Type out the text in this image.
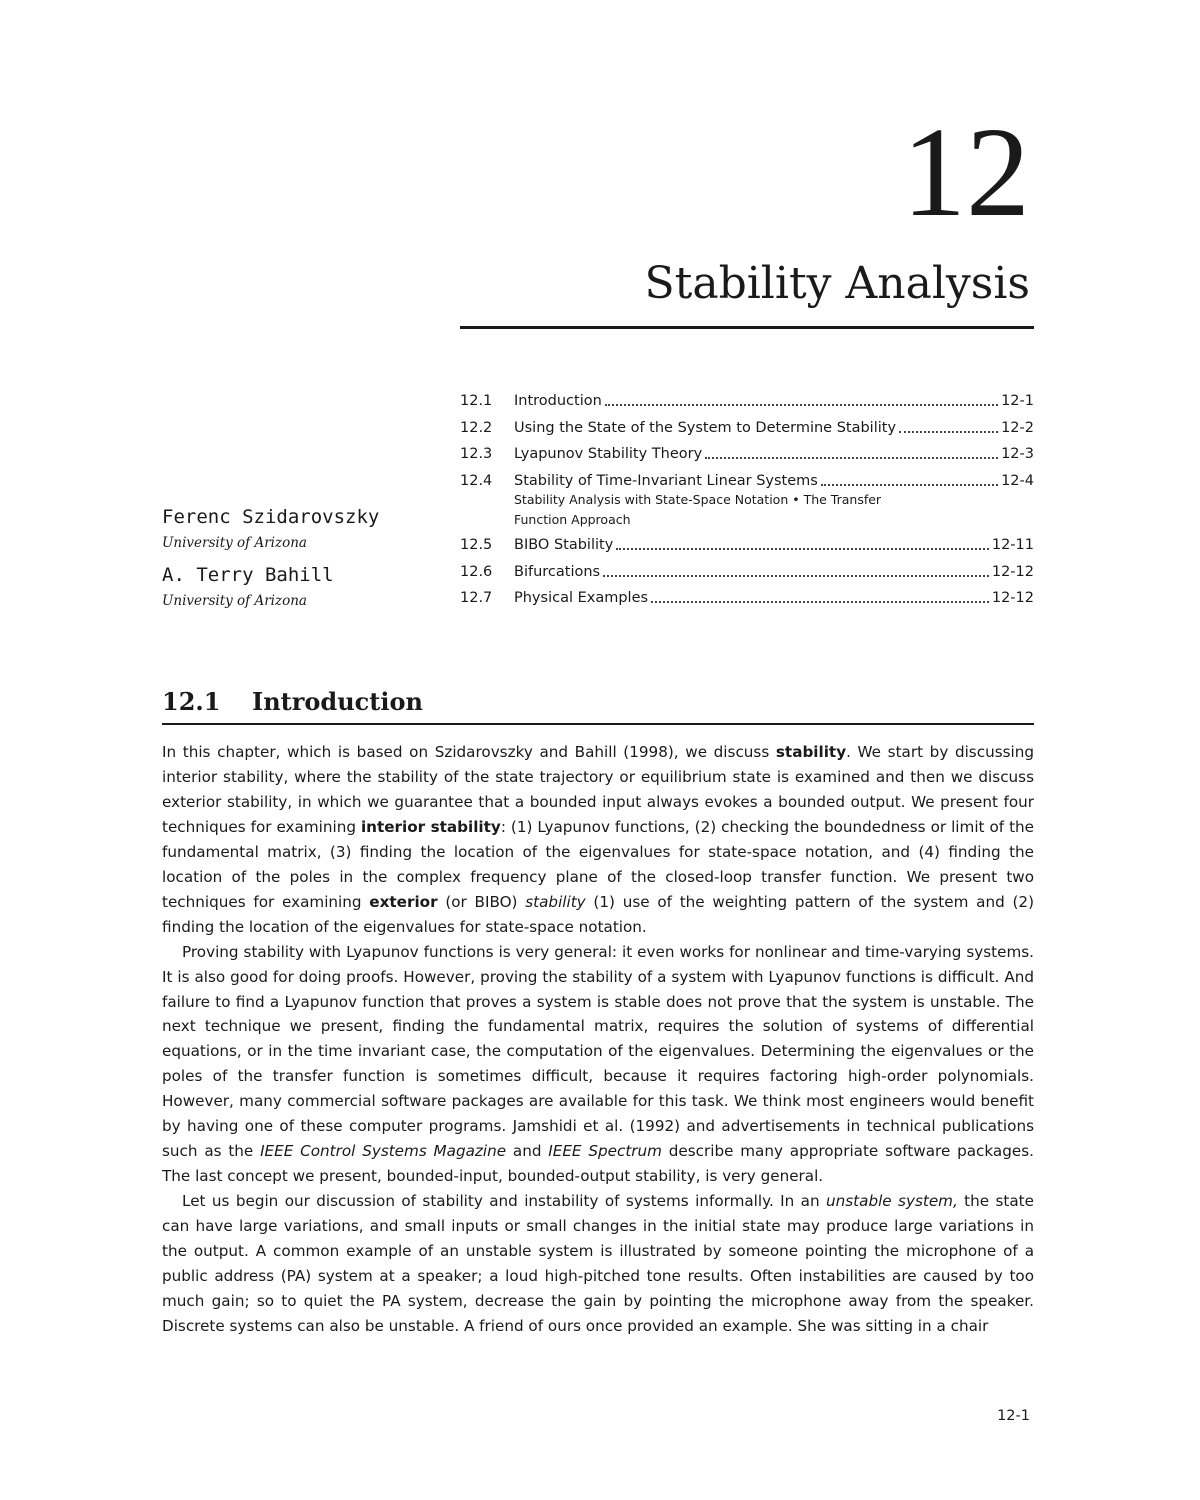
12
Stability Analysis
12.1	Introduction	12-1
12.2	Using the State of the System to Determine Stability	12-2
12.3	Lyapunov Stability Theory	12-3
12.4	Stability of Time-Invariant Linear Systems	12-4
Stability Analysis with State-Space Notation • The Transfer
Function Approach
12.5	BIBO Stability	12-11
12.6	Bifurcations	12-12
12.7	Physical Examples	12-12
Ferenc Szidarovszky
University of Arizona
A. Terry Bahill
University of Arizona
12.1 Introduction

In this chapter, which is based on Szidarovszky and Bahill (1998), we discuss stability. We start by discussing interior stability, where the stability of the state trajectory or equilibrium state is examined and then we discuss exterior stability, in which we guarantee that a bounded input always evokes a bounded output. We present four techniques for examining interior stability: (1) Lyapunov functions, (2) checking the boundedness or limit of the fundamental matrix, (3) finding the location of the eigenvalues for state-space notation, and (4) finding the location of the poles in the complex frequency plane of the closed-loop transfer function. We present two techniques for examining exterior (or BIBO) stability (1) use of the weighting pattern of the system and (2) finding the location of the eigenvalues for state-space notation.

Proving stability with Lyapunov functions is very general: it even works for nonlinear and time-varying systems. It is also good for doing proofs. However, proving the stability of a system with Lyapunov functions is difficult. And failure to find a Lyapunov function that proves a system is stable does not prove that the system is unstable. The next technique we present, finding the fundamental matrix, requires the solution of systems of differential equations, or in the time invariant case, the computation of the eigenvalues. Determining the eigenvalues or the poles of the transfer function is sometimes difficult, because it requires factoring high-order polynomials. However, many commercial software packages are available for this task. We think most engineers would benefit by having one of these computer programs. Jamshidi et al. (1992) and advertisements in technical publications such as the IEEE Control Systems Magazine and IEEE Spectrum describe many appropriate software packages. The last concept we present, bounded-input, bounded-output stability, is very general.

Let us begin our discussion of stability and instability of systems informally. In an unstable system, the state can have large variations, and small inputs or small changes in the initial state may produce large variations in the output. A common example of an unstable system is illustrated by someone pointing the microphone of a public address (PA) system at a speaker; a loud high-pitched tone results. Often instabilities are caused by too much gain; so to quiet the PA system, decrease the gain by pointing the microphone away from the speaker. Discrete systems can also be unstable. A friend of ours once provided an example. She was sitting in a chair

12-1
